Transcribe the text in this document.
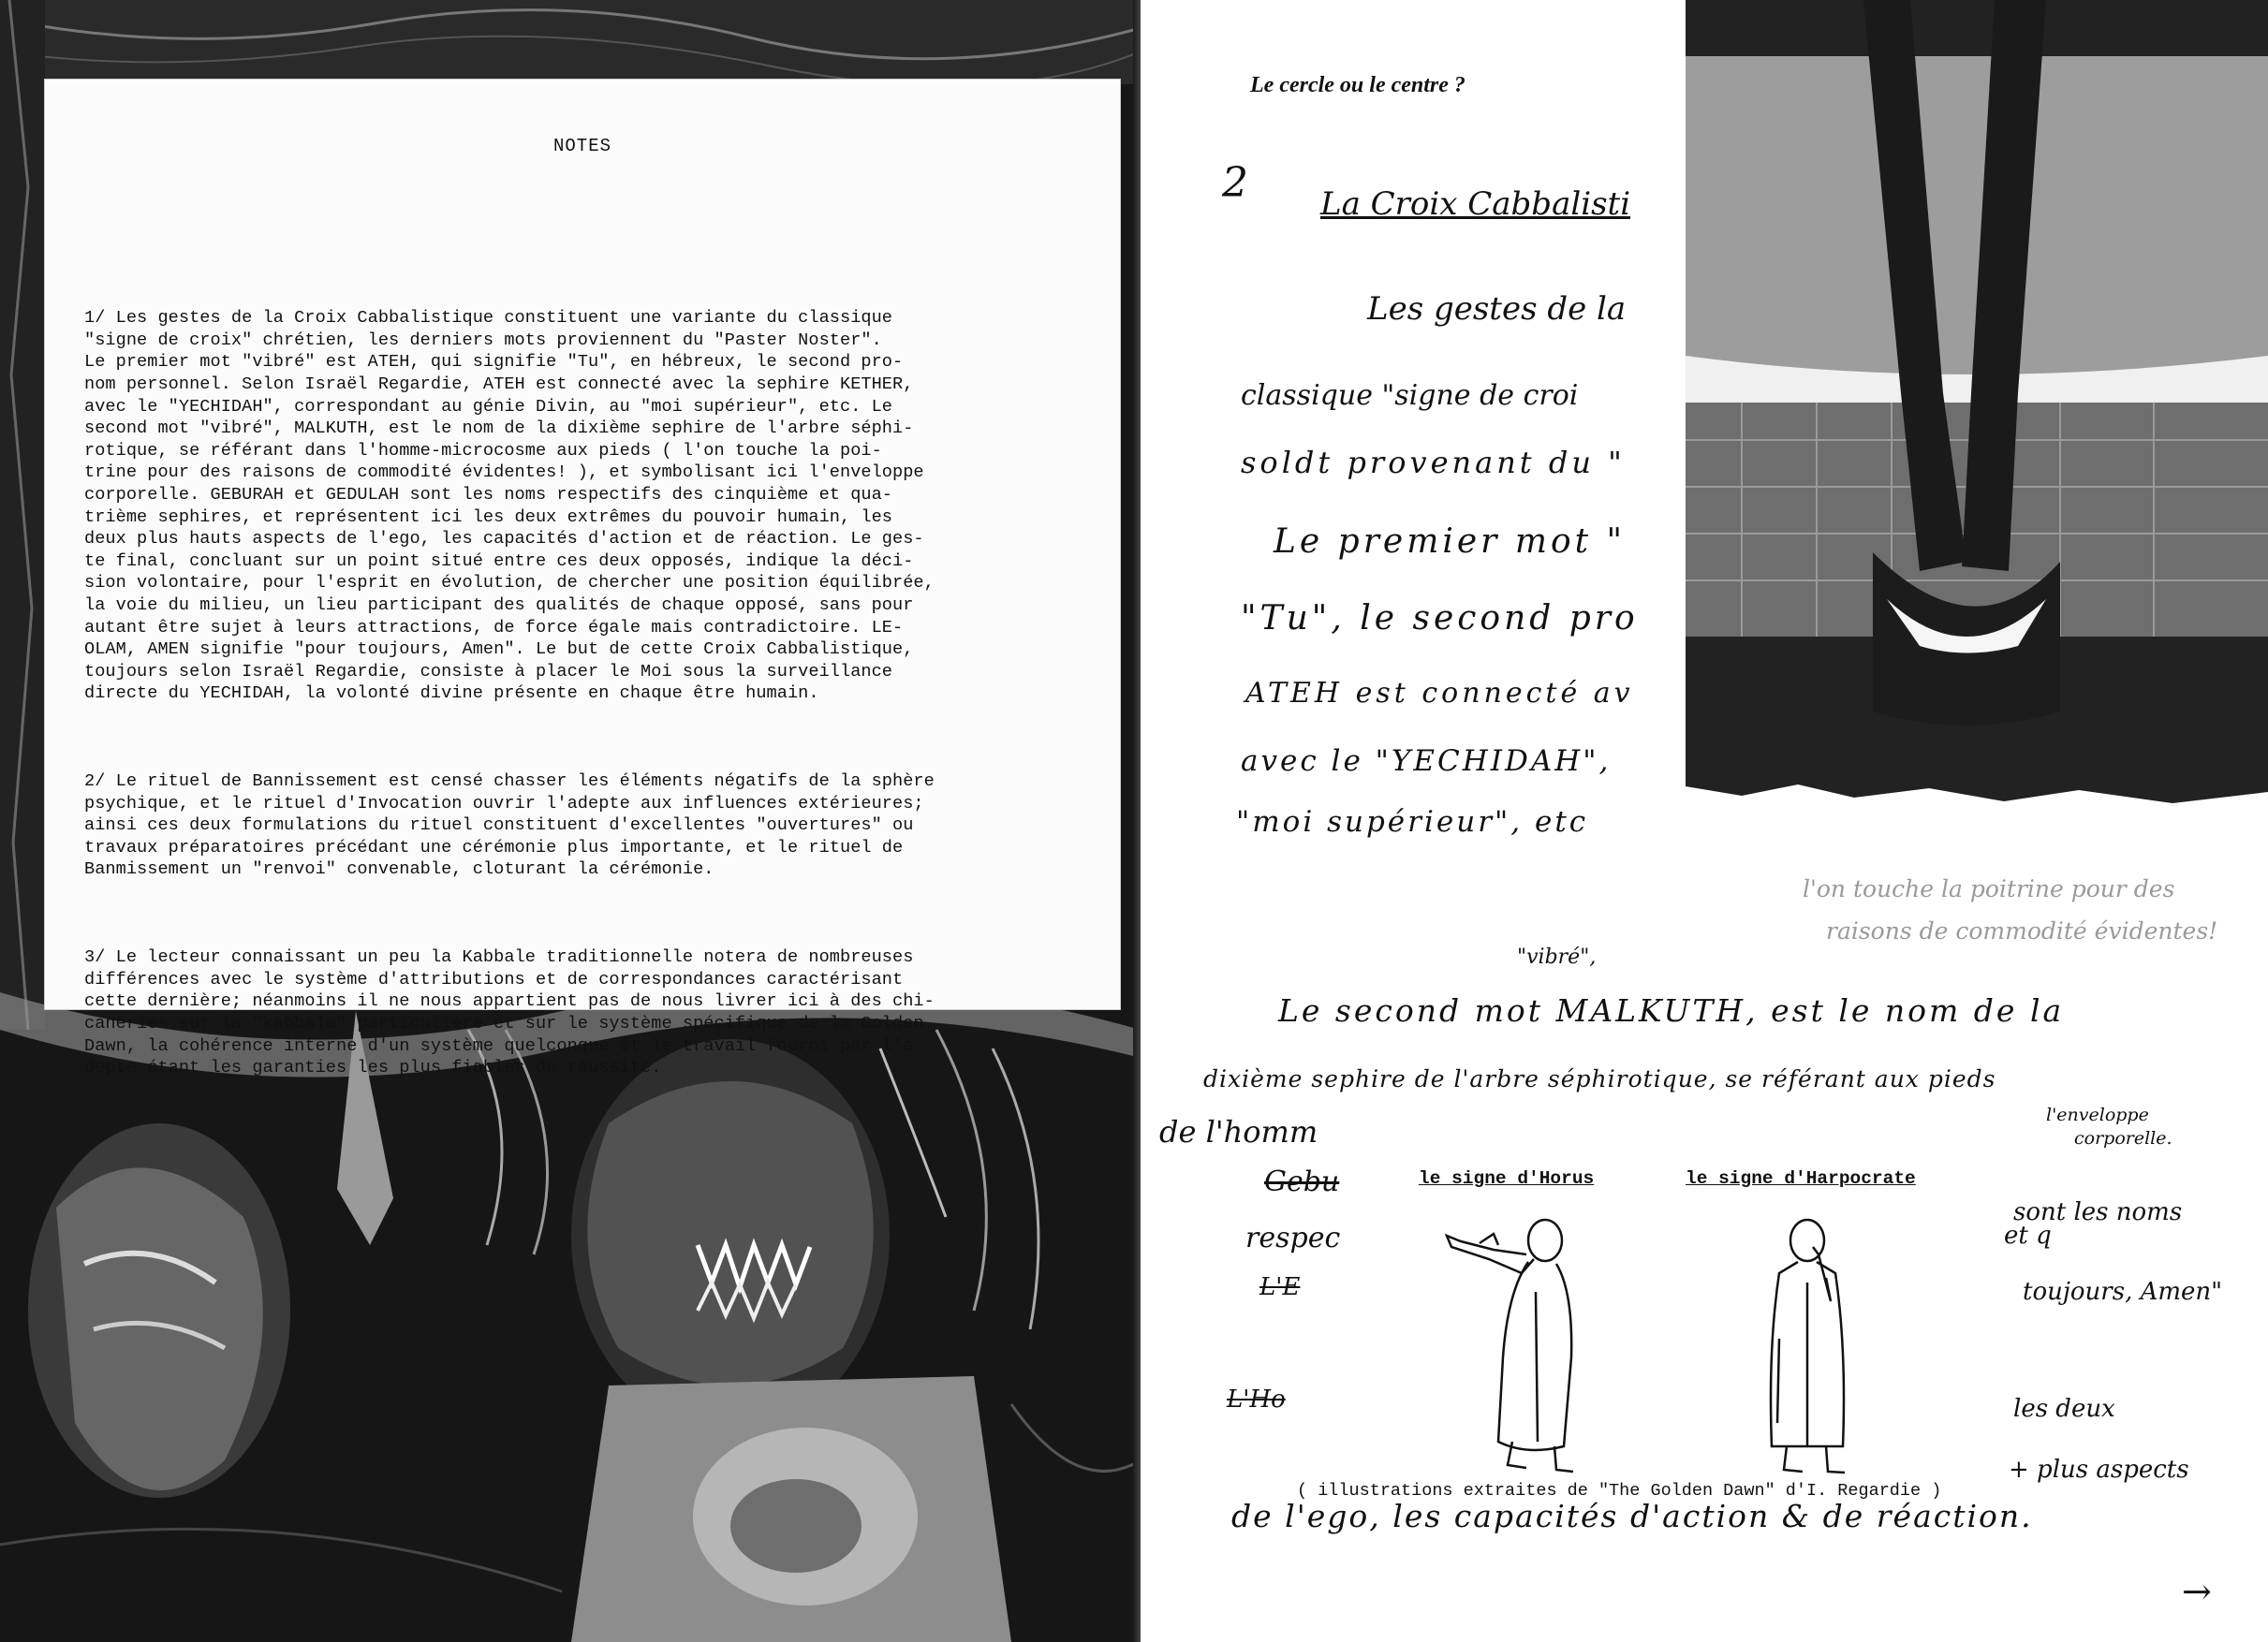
NOTES

1/ Les gestes de la Croix Cabbalistique constituent une variante du classique
"signe de croix" chrétien, les derniers mots proviennent du "Paster Noster".
Le premier mot "vibré" est ATEH, qui signifie "Tu", en hébreux, le second pro-
nom personnel. Selon Israël Regardie, ATEH est connecté avec la sephire KETHER,
avec le "YECHIDAH", correspondant au génie Divin, au "moi supérieur", etc. Le
second mot "vibré", MALKUTH, est le nom de la dixième sephire de l'arbre séphi-
rotique, se référant dans l'homme-microcosme aux pieds ( l'on touche la poi-
trine pour des raisons de commodité évidentes! ), et symbolisant ici l'enveloppe
corporelle. GEBURAH et GEDULAH sont les noms respectifs des cinquième et qua-
trième sephires, et représentent ici les deux extrêmes du pouvoir humain, les
deux plus hauts aspects de l'ego, les capacités d'action et de réaction. Le ges-
te final, concluant sur un point situé entre ces deux opposés, indique la déci-
sion volontaire, pour l'esprit en évolution, de chercher une position équilibrée,
la voie du milieu, un lieu participant des qualités de chaque opposé, sans pour
autant être sujet à leurs attractions, de force égale mais contradictoire. LE-
OLAM, AMEN signifie "pour toujours, Amen". Le but de cette Croix Cabbalistique,
toujours selon Israël Regardie, consiste à placer le Moi sous la surveillance
directe du YECHIDAH, la volonté divine présente en chaque être humain.

2/ Le rituel de Bannissement est censé chasser les éléments négatifs de la sphère
psychique, et le rituel d'Invocation ouvrir l'adepte aux influences extérieures;
ainsi ces deux formulations du rituel constituent d'excellentes "ouvertures" ou
travaux préparatoires précédant une cérémonie plus importante, et le rituel de
Banmissement un "renvoi" convenable, cloturant la cérémonie.

3/ Le lecteur connaissant un peu la Kabbale traditionnelle notera de nombreuses
différences avec le système d'attributions et de correspondances caractérisant
cette dernière; néanmoins il ne nous appartient pas de nous livrer ici à des chi-
caneries sur la "kabbale" particulière et sur le système spécifique de la Golden
Dawn, la cohérence interne d'un système quelconque et le travail fourni par l'a-
depte étant les garanties les plus fiables de réussite.

Le cercle ou le centre ?
2 La Croix Cabbalisti
Les gestes de la
classique "signe de croi
soldt provenant du "
Le premier mot "
"Tu", le second pro
ATEH est connecté av
avec le "YECHIDAH",
"moi supérieur", etc
l'on touche la poitrine pour des
raisons de commodité évidentes!
"vibré",
Le second mot MALKUTH, est le nom de la
dixième sephire de l'arbre séphirotique, se référant aux pieds
de l'homm	l'enveloppe
corporelle.
Gebu
sont les noms
respec	et q
toujours, Amen"
L'E
L'Ho	les deux
+ plus aspects
de l'ego, les capacités d'action & de réaction.
→
le signe d'Horus	le signe d'Harpocrate
( illustrations extraites de "The Golden Dawn" d'I. Regardie )
